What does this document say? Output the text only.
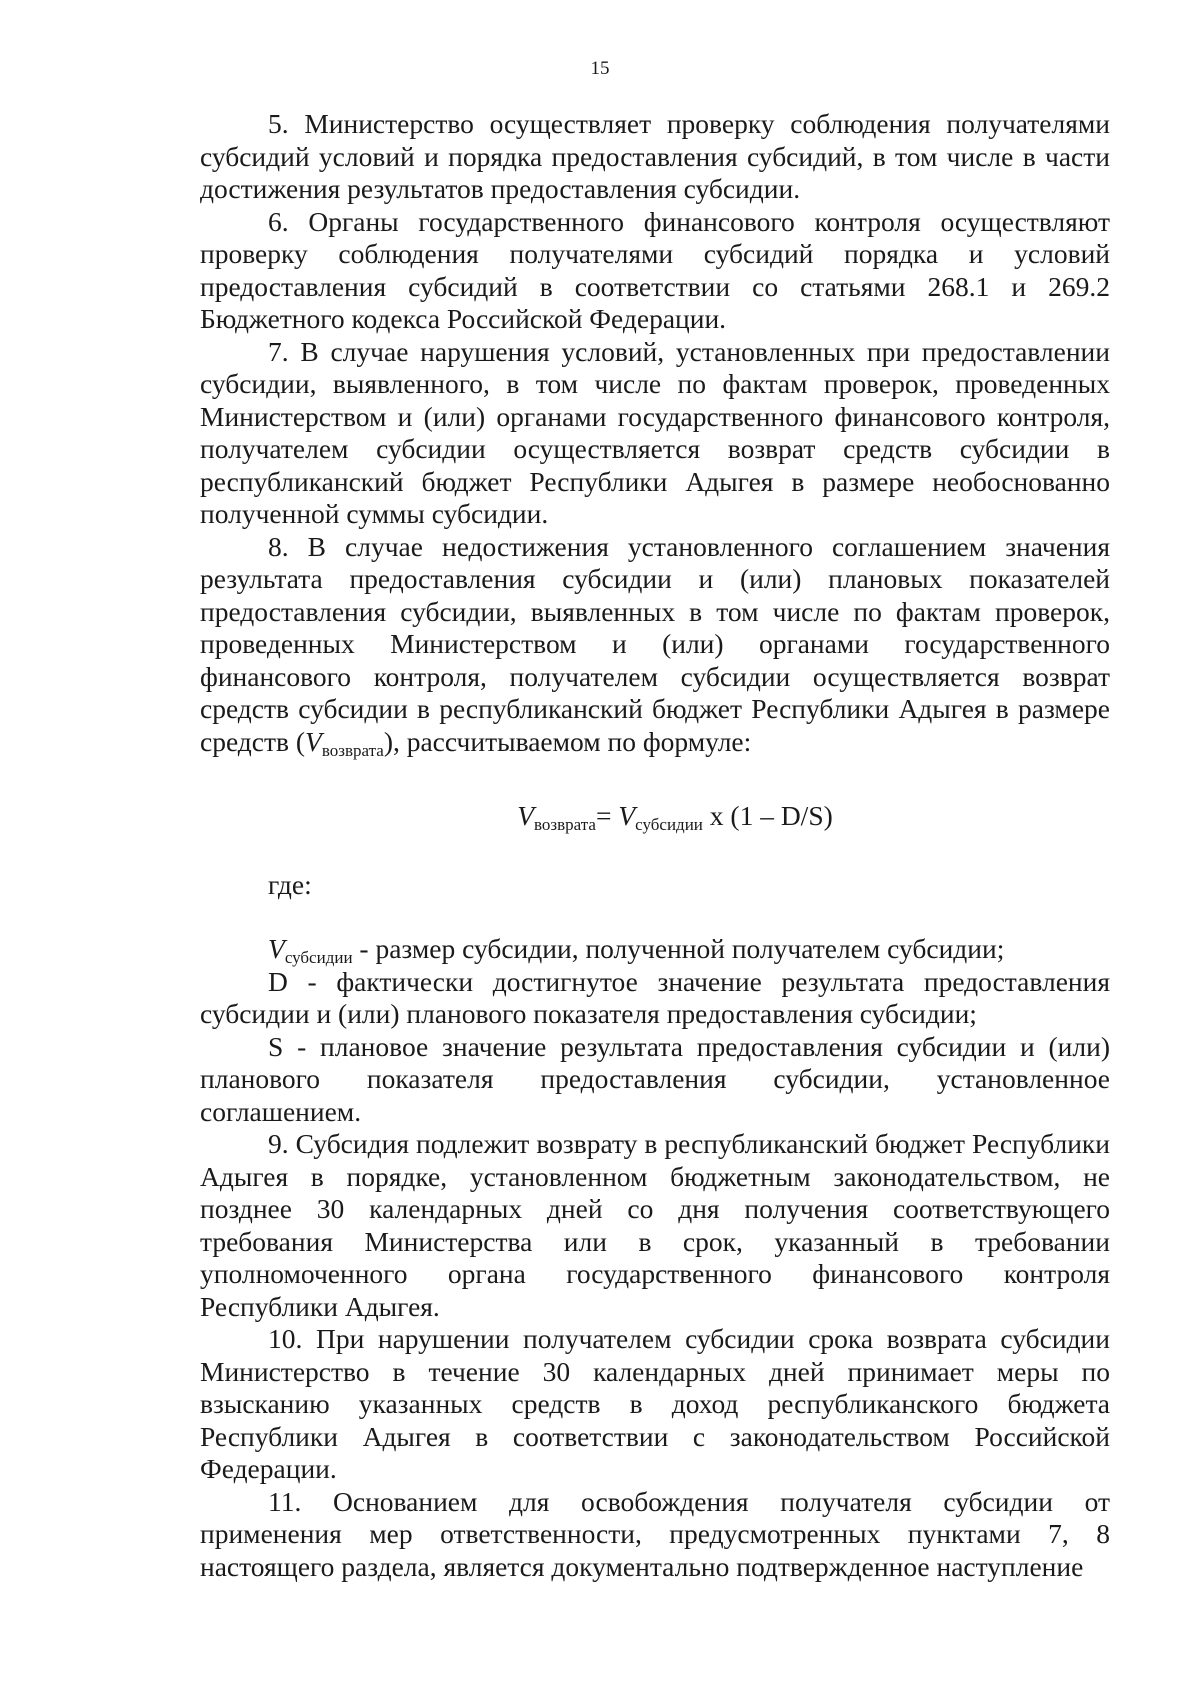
15

5. Министерство осуществляет проверку соблюдения получателями субсидий условий и порядка предоставления субсидий, в том числе в части достижения результатов предоставления субсидии.

6. Органы государственного финансового контроля осуществляют проверку соблюдения получателями субсидий порядка и условий предоставления субсидий в соответствии со статьями 268.1 и 269.2 Бюджетного кодекса Российской Федерации.

7. В случае нарушения условий, установленных при предоставлении субсидии, выявленного, в том числе по фактам проверок, проведенных Министерством и (или) органами государственного финансового контроля, получателем субсидии осуществляется возврат средств субсидии в республиканский бюджет Республики Адыгея в размере необоснованно полученной суммы субсидии.

8. В случае недостижения установленного соглашением значения результата предоставления субсидии и (или) плановых показателей предоставления субсидии, выявленных в том числе по фактам проверок, проведенных Министерством и (или) органами государственного финансового контроля, получателем субсидии осуществляется возврат средств субсидии в республиканский бюджет Республики Адыгея в размере средств $(V_{возврата})$, рассчитываемом по формуле:

$V_{возврата}= V_{субсидии}$ х (1 – D/S)

где:

$V_{субсидии}$ - размер субсидии, полученной получателем субсидии;

D - фактически достигнутое значение результата предоставления субсидии и (или) планового показателя предоставления субсидии;

S - плановое значение результата предоставления субсидии и (или) планового показателя предоставления субсидии, установленное соглашением.

9. Субсидия подлежит возврату в республиканский бюджет Республики Адыгея в порядке, установленном бюджетным законодательством, не позднее 30 календарных дней со дня получения соответствующего требования Министерства или в срок, указанный в требовании уполномоченного органа государственного финансового контроля Республики Адыгея.

10. При нарушении получателем субсидии срока возврата субсидии Министерство в течение 30 календарных дней принимает меры по взысканию указанных средств в доход республиканского бюджета Республики Адыгея в соответствии с законодательством Российской Федерации.

11. Основанием для освобождения получателя субсидии от применения мер ответственности, предусмотренных пунктами 7, 8 настоящего раздела, является документально подтвержденное наступление
